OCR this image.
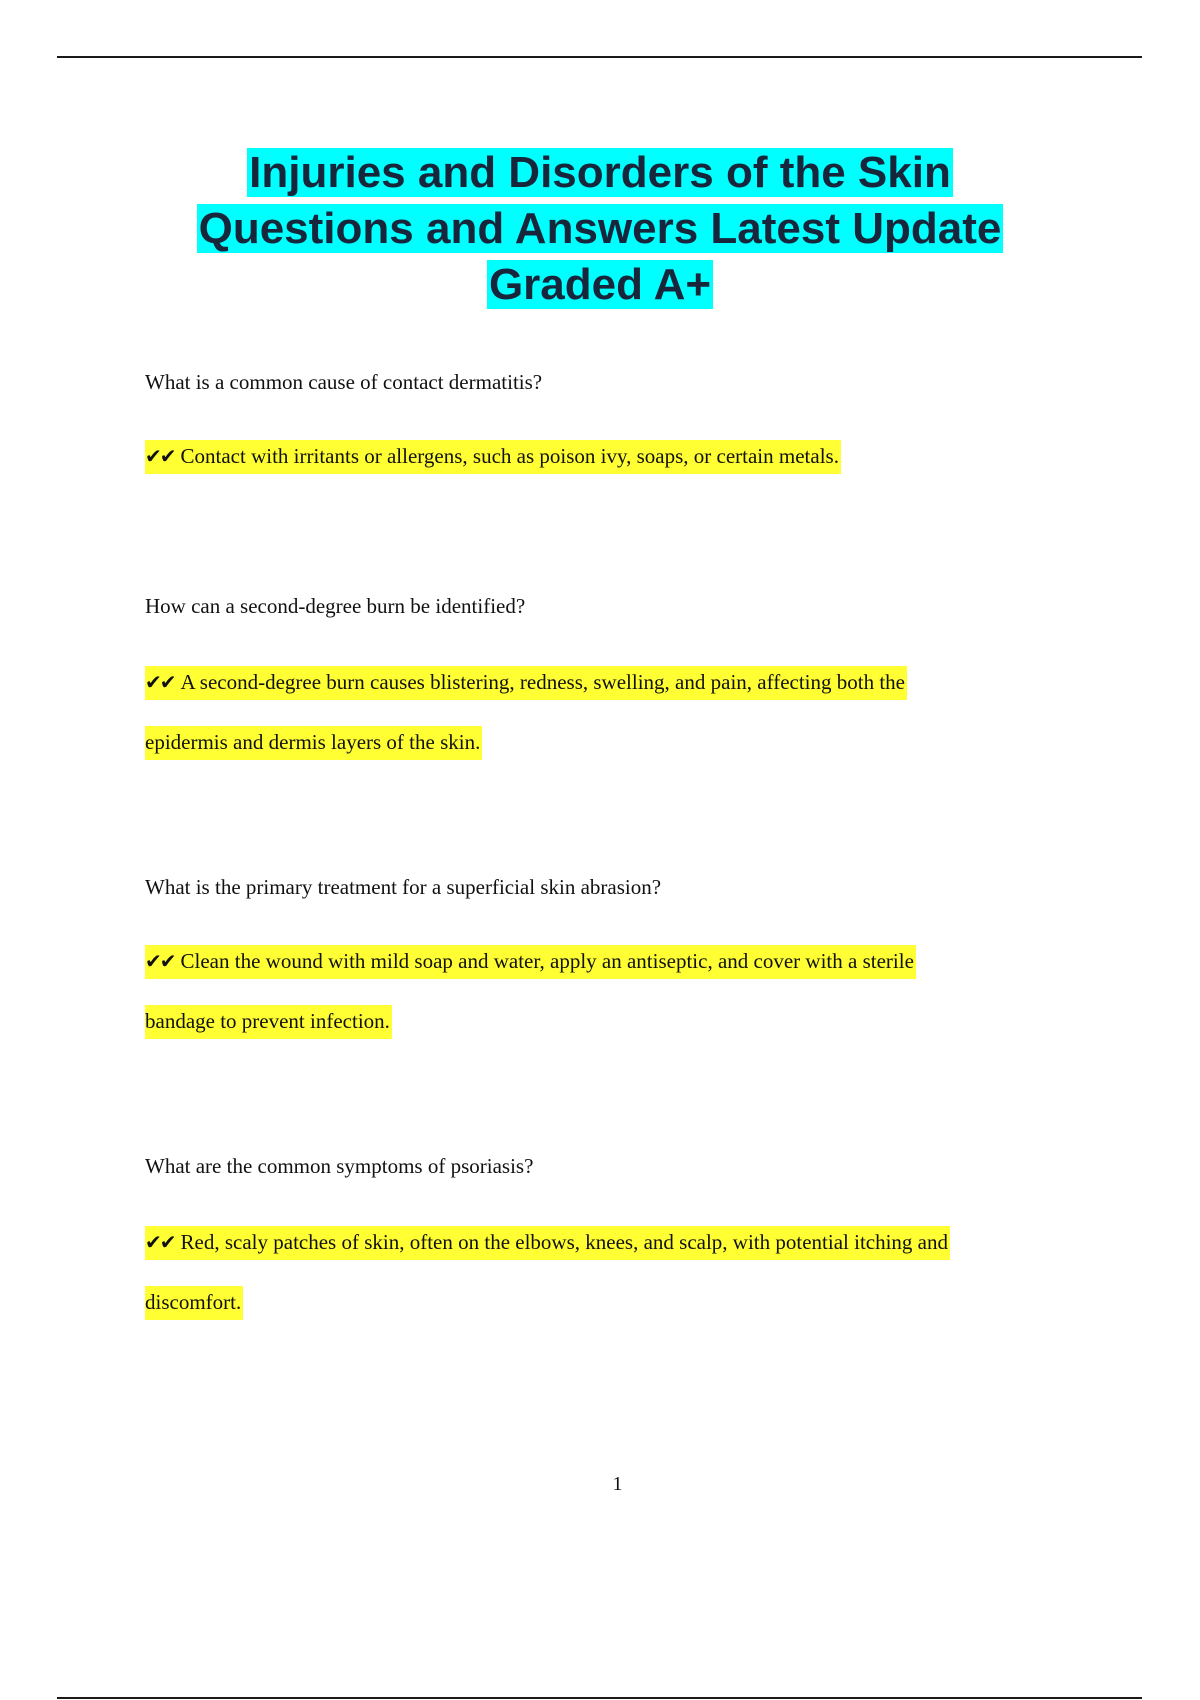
Injuries and Disorders of the Skin
Questions and Answers Latest Update
Graded A+
What is a common cause of contact dermatitis?
✔✔ Contact with irritants or allergens, such as poison ivy, soaps, or certain metals.
How can a second-degree burn be identified?
✔✔ A second-degree burn causes blistering, redness, swelling, and pain, affecting both the
epidermis and dermis layers of the skin.
What is the primary treatment for a superficial skin abrasion?
✔✔ Clean the wound with mild soap and water, apply an antiseptic, and cover with a sterile
bandage to prevent infection.
What are the common symptoms of psoriasis?
✔✔ Red, scaly patches of skin, often on the elbows, knees, and scalp, with potential itching and
discomfort.
1
